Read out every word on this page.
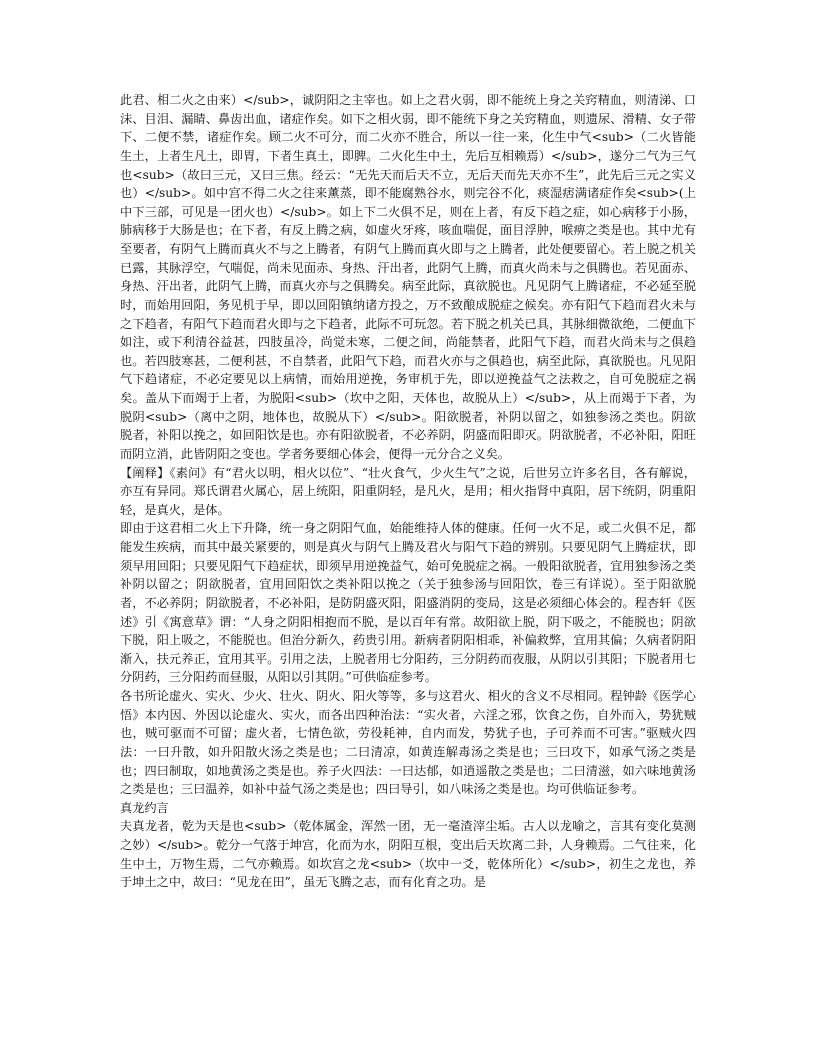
此君、相二火之由来）</sub>，诚阴阳之主宰也。如上之君火弱，即不能统上身之关窍精血，则清涕、口沫、目泪、漏睛、鼻齿出血，诸症作矣。如下之相火弱，即不能统下身之关窍精血，则遗尿、滑精、女子带下、二便不禁，诸症作矣。顾二火不可分，而二火亦不胜合，所以一往一来，化生中气<sub>（二火皆能生土，上者生凡土，即胃，下者生真土，即脾。二火化生中土，先后互相赖焉）</sub>，遂分二气为三气也<sub>（故曰三元，又曰三焦。经云：“无先天而后天不立，无后天而先天亦不生”，此先后三元之实义也）</sub>。如中宫不得二火之往来薰蒸，即不能腐熟谷水，则完谷不化，痰湿痞满诸症作矣<sub>(上中下三部，可见是一团火也）</sub>。如上下二火俱不足，则在上者，有反下趋之症，如心病移于小肠，肺病移于大肠是也；在下者，有反上腾之病，如虚火牙疼，咳血喘促，面目浮肿，喉痹之类是也。其中尤有至要者，有阴气上腾而真火不与之上腾者，有阴气上腾而真火即与之上腾者，此处便要留心。若上脱之机关已露，其脉浮空，气喘促，尚未见面赤、身热、汗出者，此阴气上腾，而真火尚未与之俱腾也。若见面赤、身热、汗出者，此阴气上腾，而真火亦与之俱腾矣。病至此际，真欲脱也。凡见阴气上腾诸症，不必延至脱时，而始用回阳，务见机于早，即以回阳镇纳诸方投之，万不致酿成脱症之候矣。亦有阳气下趋而君火未与之下趋者，有阳气下趋而君火即与之下趋者，此际不可玩忽。若下脱之机关已具，其脉细微欲绝，二便血下如注，或下利清谷益甚，四肢虽冷，尚觉未寒，二便之间，尚能禁者，此阳气下趋，而君火尚未与之俱趋也。若四肢寒甚，二便利甚，不自禁者，此阳气下趋，而君火亦与之俱趋也，病至此际，真欲脱也。凡见阳气下趋诸症，不必定要见以上病情，而始用逆挽，务审机于先，即以逆挽益气之法救之，自可免脱症之祸矣。盖从下而竭于上者，为脱阳<sub>（坎中之阳，天体也，故脱从上）</sub>，从上而竭于下者，为脱阴<sub>（离中之阴，地体也，故脱从下）</sub>。阳欲脱者，补阴以留之，如独参汤之类也。阴欲脱者，补阳以挽之，如回阳饮是也。亦有阳欲脱者，不必养阴，阴盛而阳即灭。阴欲脱者，不必补阳，阳旺而阴立消，此皆阴阳之变也。学者务要细心体会，便得一元分合之义矣。

【阐释】《素问》有“君火以明，相火以位”、“壮火食气，少火生气”之说，后世另立许多名目，各有解说，亦互有异同。郑氏谓君火属心，居上统阳，阳重阴轻，是凡火，是用；相火指肾中真阳，居下统阴，阴重阳轻，是真火，是体。

即由于这君相二火上下升降，统一身之阴阳气血，始能维持人体的健康。任何一火不足，或二火俱不足，都能发生疾病，而其中最关紧要的，则是真火与阴气上腾及君火与阳气下趋的辨别。只要见阴气上腾症状，即须早用回阳；只要见阳气下趋症状，即须早用逆挽益气，始可免脱症之祸。一般阳欲脱者，宜用独参汤之类补阴以留之；阴欲脱者，宜用回阳饮之类补阳以挽之（关于独参汤与回阳饮，卷三有详说）。至于阳欲脱者，不必养阴；阴欲脱者，不必补阳，是防阴盛灭阳，阳盛消阴的变局，这是必须细心体会的。程杏轩《医述》引《寓意草》谓：“人身之阴阳相抱而不脱，是以百年有常。故阳欲上脱，阴下吸之，不能脱也；阴欲下脱，阳上吸之，不能脱也。但治分新久，药贵引用。新病者阴阳相乖，补偏救弊，宜用其偏；久病者阴阳渐入，扶元养正，宜用其平。引用之法，上脱者用七分阳药，三分阴药而夜服，从阴以引其阳；下脱者用七分阴药，三分阳药而昼服，从阳以引其阴。”可供临症参考。

各书所论虚火、实火、少火、壮火、阴火、阳火等等，多与这君火、相火的含义不尽相同。程钟龄《医学心悟》本内因、外因以论虚火、实火，而各出四种治法：“实火者，六淫之邪，饮食之伤，自外而入，势犹贼也，贼可驱而不可留；虚火者，七情色欲，劳役耗神，自内而发，势犹子也，子可养而不可害。”驱贼火四法：一曰升散，如升阳散火汤之类是也；二曰清凉，如黄连解毒汤之类是也；三曰攻下，如承气汤之类是也；四曰制取，如地黄汤之类是也。养子火四法：一曰达郁，如逍遥散之类是也；二曰清滋，如六味地黄汤之类是也；三曰温养，如补中益气汤之类是也；四曰导引，如八味汤之类是也。均可供临证参考。

真龙约言

夫真龙者，乾为天是也<sub>（乾体属金，浑然一团，无一毫渣滓尘垢。古人以龙喻之，言其有变化莫测之妙）</sub>。乾分一气落于坤宫，化而为水，阴阳互根，变出后天坎离二卦，人身赖焉。二气往来，化生中土，万物生焉，二气亦赖焉。如坎宫之龙<sub>（坎中一爻，乾体所化）</sub>，初生之龙也，养于坤土之中，故曰：“见龙在田”，虽无飞腾之志，而有化育之功。是
